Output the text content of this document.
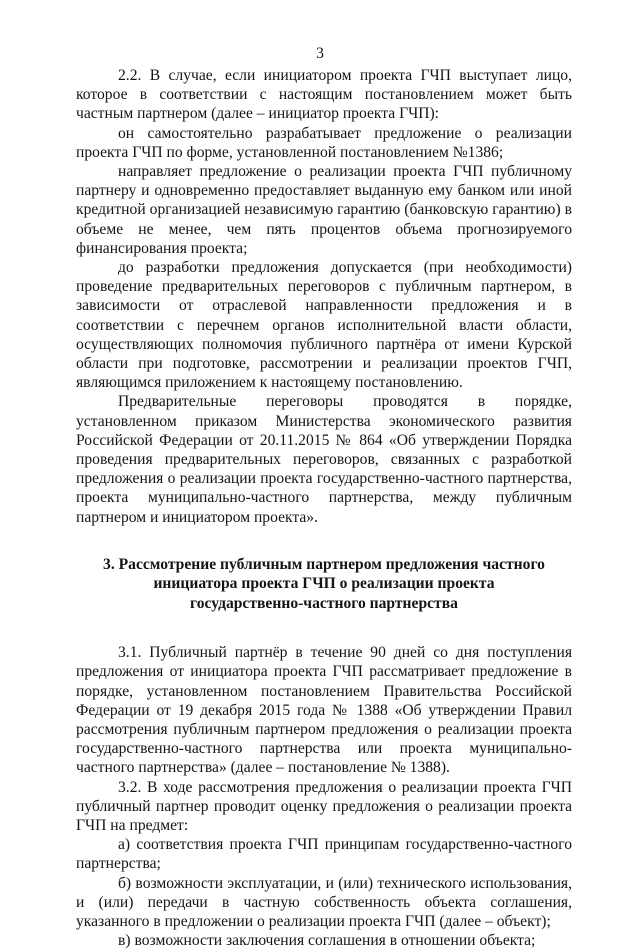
3

2.2. В случае, если инициатором проекта ГЧП выступает лицо, которое в соответствии с настоящим постановлением может быть частным партнером (далее – инициатор проекта ГЧП):

он самостоятельно разрабатывает предложение о реализации проекта ГЧП по форме, установленной постановлением №1386;

направляет предложение о реализации проекта ГЧП публичному партнеру и одновременно предоставляет выданную ему банком или иной кредитной организацией независимую гарантию (банковскую гарантию) в объеме не менее, чем пять процентов объема прогнозируемого финансирования проекта;

до разработки предложения допускается (при необходимости) проведение предварительных переговоров с публичным партнером, в зависимости от отраслевой направленности предложения и в соответствии с перечнем органов исполнительной власти области, осуществляющих полномочия публичного партнёра от имени Курской области при подготовке, рассмотрении и реализации проектов ГЧП, являющимся приложением к настоящему постановлению.

Предварительные переговоры проводятся в порядке, установленном приказом Министерства экономического развития Российской Федерации от 20.11.2015 № 864 «Об утверждении Порядка проведения предварительных переговоров, связанных с разработкой предложения о реализации проекта государственно-частного партнерства, проекта муниципально-частного партнерства, между публичным партнером и инициатором проекта».

3. Рассмотрение публичным партнером предложения частного
инициатора проекта ГЧП о реализации проекта
государственно-частного партнерства

3.1. Публичный партнёр в течение 90 дней со дня поступления предложения от инициатора проекта ГЧП рассматривает предложение в порядке, установленном постановлением Правительства Российской Федерации от 19 декабря 2015 года № 1388 «Об утверждении Правил рассмотрения публичным партнером предложения о реализации проекта государственно-частного партнерства или проекта муниципально-частного партнерства» (далее – постановление № 1388).

3.2. В ходе рассмотрения предложения о реализации проекта ГЧП публичный партнер проводит оценку предложения о реализации проекта ГЧП на предмет:

а) соответствия проекта ГЧП принципам государственно-частного партнерства;

б) возможности эксплуатации, и (или) технического использования, и (или) передачи в частную собственность объекта соглашения, указанного в предложении о реализации проекта ГЧП (далее – объект);

в) возможности заключения соглашения в отношении объекта;
